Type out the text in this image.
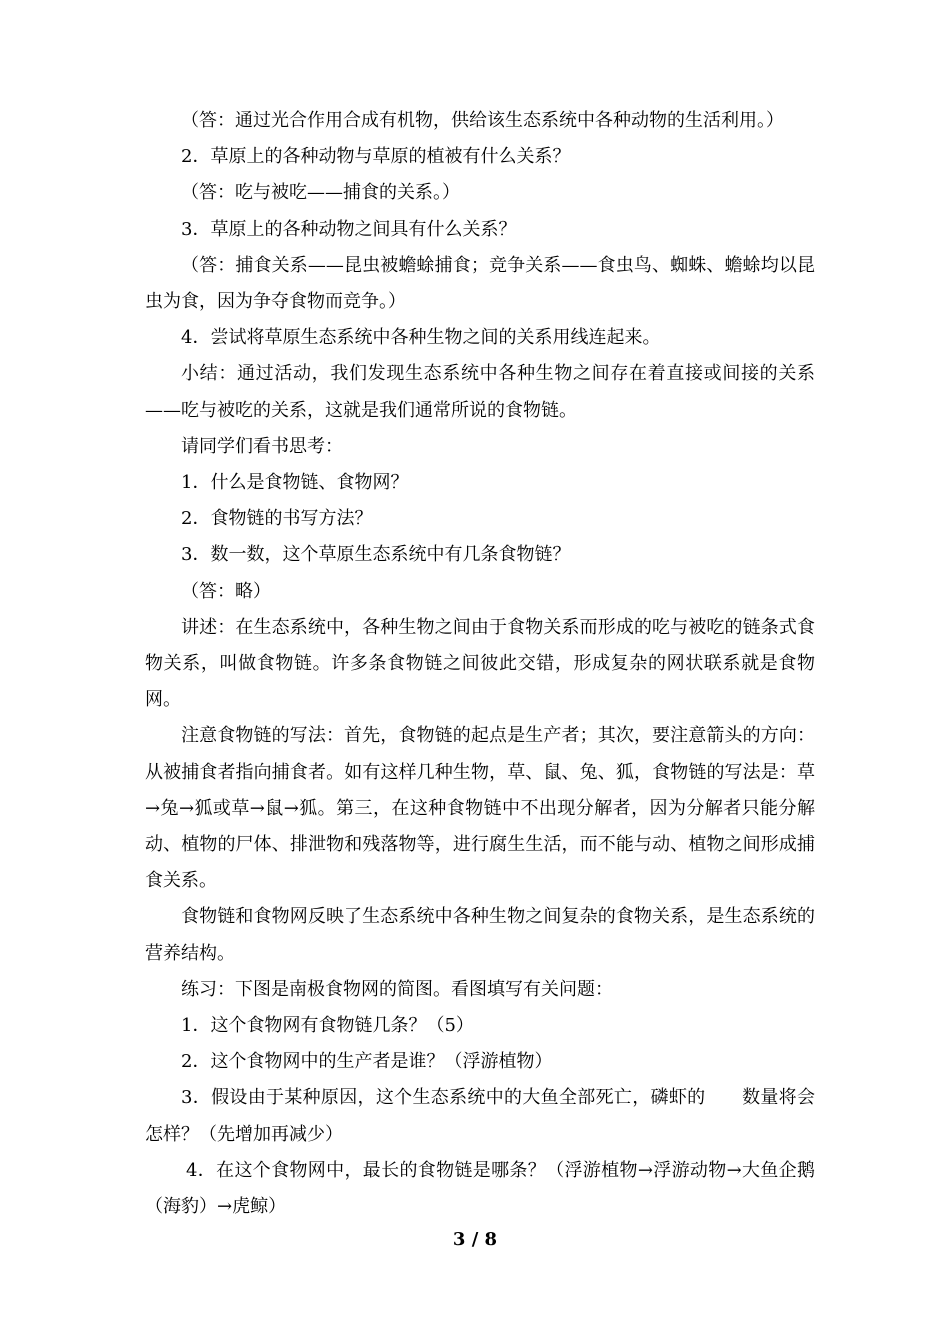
（答：通过光合作用合成有机物，供给该生态系统中各种动物的生活利用。）

2．草原上的各种动物与草原的植被有什么关系？

（答：吃与被吃——捕食的关系。）

3．草原上的各种动物之间具有什么关系？

（答：捕食关系——昆虫被蟾蜍捕食；竞争关系——食虫鸟、蜘蛛、蟾蜍均以昆虫为食，因为争夺食物而竞争。）

4．尝试将草原生态系统中各种生物之间的关系用线连起来。

小结：通过活动，我们发现生态系统中各种生物之间存在着直接或间接的关系——吃与被吃的关系，这就是我们通常所说的食物链。

请同学们看书思考：

1．什么是食物链、食物网？

2．食物链的书写方法？

3．数一数，这个草原生态系统中有几条食物链？

（答：略）

讲述：在生态系统中，各种生物之间由于食物关系而形成的吃与被吃的链条式食物关系，叫做食物链。许多条食物链之间彼此交错，形成复杂的网状联系就是食物网。

注意食物链的写法：首先，食物链的起点是生产者；其次，要注意箭头的方向：从被捕食者指向捕食者。如有这样几种生物，草、鼠、兔、狐，食物链的写法是：草→兔→狐或草→鼠→狐。第三，在这种食物链中不出现分解者，因为分解者只能分解动、植物的尸体、排泄物和残落物等，进行腐生生活，而不能与动、植物之间形成捕食关系。

食物链和食物网反映了生态系统中各种生物之间复杂的食物关系，是生态系统的营养结构。

练习：下图是南极食物网的简图。看图填写有关问题：

1．这个食物网有食物链几条？（5）

2．这个食物网中的生产者是谁？（浮游植物）

3．假设由于某种原因，这个生态系统中的大鱼全部死亡，磷虾的　　数量将会怎样？（先增加再减少）

4．在这个食物网中，最长的食物链是哪条？（浮游植物→浮游动物→大鱼企鹅（海豹）→虎鲸）

3 / 8
